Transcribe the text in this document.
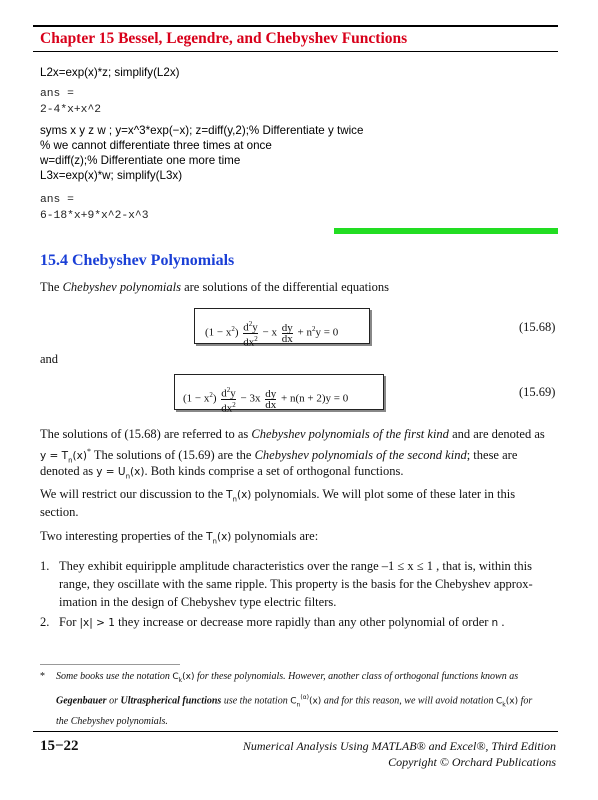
Chapter 15 Bessel, Legendre, and Chebyshev Functions
L2x=exp(x)*z; simplify(L2x)
ans =
2-4*x+x^2
syms x y z w ; y=x^3*exp(−x); z=diff(y,2);% Differentiate y twice
% we cannot differentiate three times at once
w=diff(z);% Differentiate one more time
L3x=exp(x)*w; simplify(L3x)
ans =
6-18*x+9*x^2-x^3
15.4 Chebyshev Polynomials
The Chebyshev polynomials are solutions of the differential equations
$(1 - x^2) \frac{d^2y}{dx^2} - x \frac{dy}{dx} + n^2y = 0$	(15.68)
and
$(1 - x^2) \frac{d^2y}{dx^2} - 3x \frac{dy}{dx} + n(n + 2)y = 0$	(15.69)
The solutions of (15.68) are referred to as Chebyshev polynomials of the first kind and are denoted as
$y = T_n(x)^*$ The solutions of (15.69) are the Chebyshev polynomials of the second kind; these are
denoted as $y = U_n(x)$. Both kinds comprise a set of orthogonal functions.
We will restrict our discussion to the $T_n(x)$ polynomials. We will plot some of these later in this
section.
Two interesting properties of the $T_n(x)$ polynomials are:
1. They exhibit equiripple amplitude characteristics over the range –1 ≤ x ≤ 1 , that is, within this
range, they oscillate with the same ripple. This property is the basis for the Chebyshev approx-
imation in the design of Chebyshev type electric filters.
2. For |x| > 1 they increase or decrease more rapidly than any other polynomial of order n .
*	Some books use the notation $C_k(x)$ for these polynomials. However, another class of orthogonal functions known as
Gegenbauer or Ultraspherical functions use the notation $C_n^{(\alpha)}(x)$ and for this reason, we will avoid notation $C_k(x)$ for
the Chebyshev polynomials.
15−22	Numerical Analysis Using MATLAB® and Excel®, Third Edition
Copyright © Orchard Publications
